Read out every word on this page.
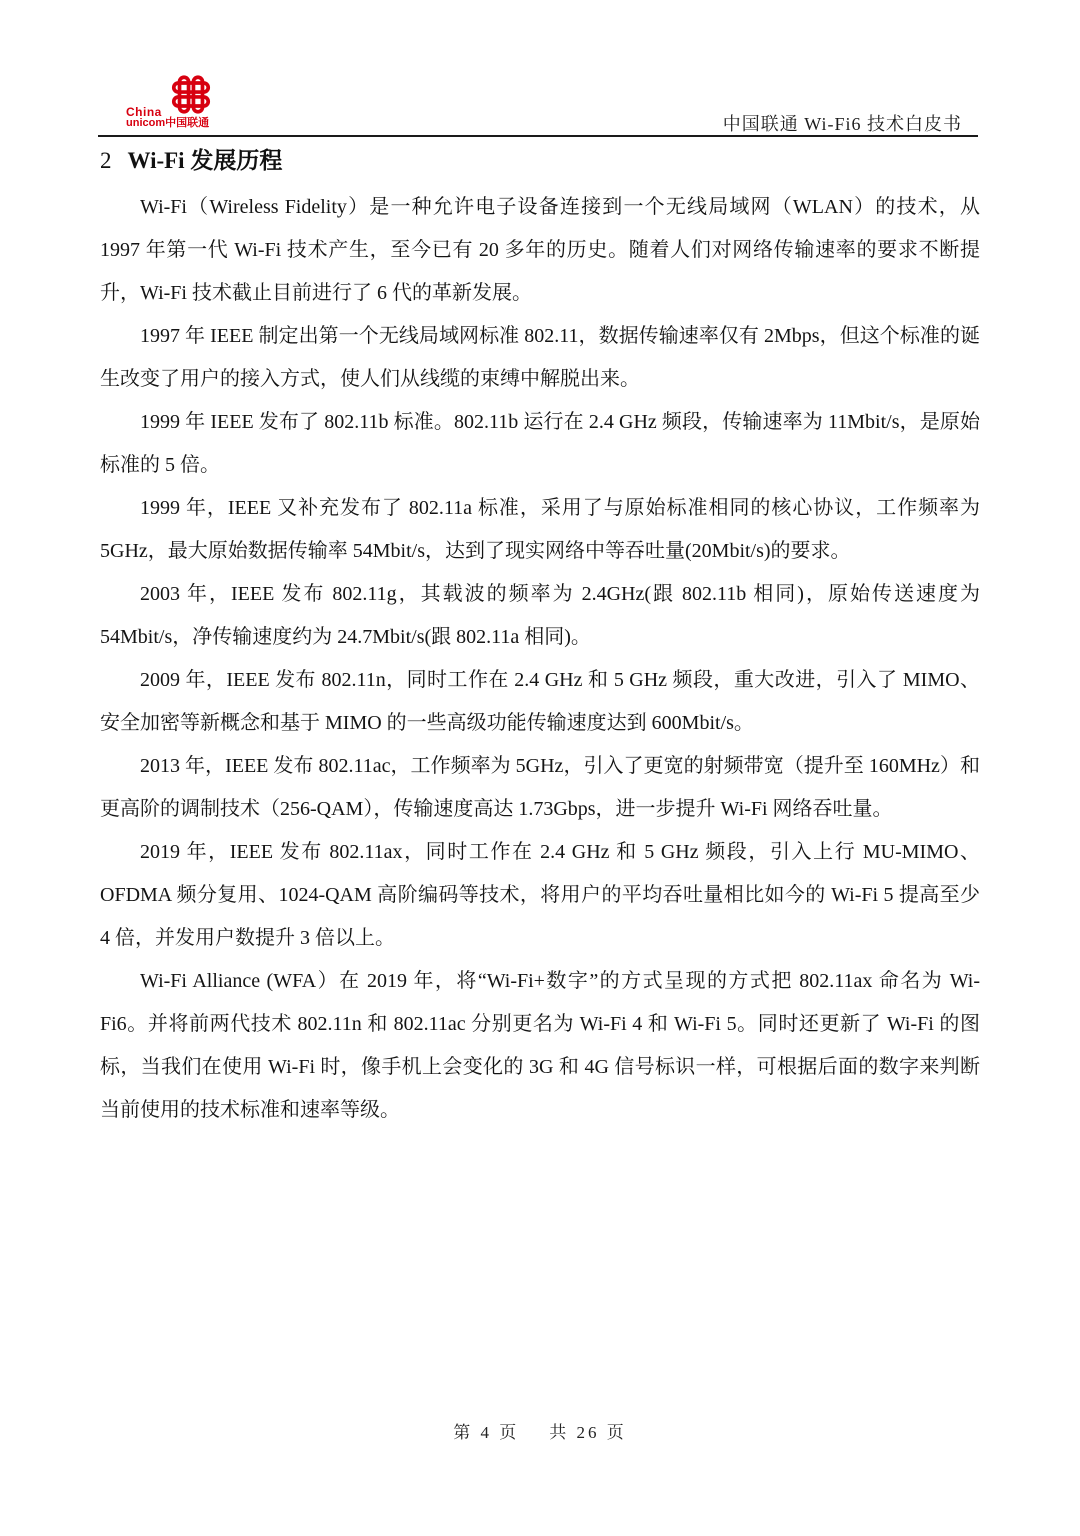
China
unicom中国联通	中国联通 Wi-Fi6 技术白皮书
2 Wi-Fi 发展历程

Wi-Fi（Wireless Fidelity）是一种允许电子设备连接到一个无线局域网（WLAN）的技术，从 1997 年第一代 Wi-Fi 技术产生，至今已有 20 多年的历史。随着人们对网络传输速率的要求不断提升，Wi-Fi 技术截止目前进行了 6 代的革新发展。

1997 年 IEEE 制定出第一个无线局域网标准 802.11，数据传输速率仅有 2Mbps，但这个标准的诞生改变了用户的接入方式，使人们从线缆的束缚中解脱出来。

1999 年 IEEE 发布了 802.11b 标准。802.11b 运行在 2.4 GHz 频段，传输速率为 11Mbit/s，是原始标准的 5 倍。

1999 年，IEEE 又补充发布了 802.11a 标准，采用了与原始标准相同的核心协议，工作频率为 5GHz，最大原始数据传输率 54Mbit/s，达到了现实网络中等吞吐量(20Mbit/s)的要求。

2003 年，IEEE 发布 802.11g，其载波的频率为 2.4GHz(跟 802.11b 相同)，原始传送速度为 54Mbit/s，净传输速度约为 24.7Mbit/s(跟 802.11a 相同)。

2009 年，IEEE 发布 802.11n，同时工作在 2.4 GHz 和 5 GHz 频段，重大改进，引入了 MIMO、安全加密等新概念和基于 MIMO 的一些高级功能传输速度达到 600Mbit/s。

2013 年，IEEE 发布 802.11ac，工作频率为 5GHz，引入了更宽的射频带宽（提升至 160MHz）和更高阶的调制技术（256-QAM），传输速度高达 1.73Gbps，进一步提升 Wi-Fi 网络吞吐量。

2019 年，IEEE 发布 802.11ax，同时工作在 2.4 GHz 和 5 GHz 频段，引入上行 MU-MIMO、OFDMA 频分复用、1024-QAM 高阶编码等技术，将用户的平均吞吐量相比如今的 Wi-Fi 5 提高至少 4 倍，并发用户数提升 3 倍以上。

Wi-Fi Alliance (WFA）在 2019 年，将“Wi-Fi+数字”的方式呈现的方式把 802.11ax 命名为 Wi-Fi6。并将前两代技术 802.11n 和 802.11ac 分别更名为 Wi-Fi 4 和 Wi-Fi 5。同时还更新了 Wi-Fi 的图标，当我们在使用 Wi-Fi 时，像手机上会变化的 3G 和 4G 信号标识一样，可根据后面的数字来判断当前使用的技术标准和速率等级。

第 4 页 共 26 页
